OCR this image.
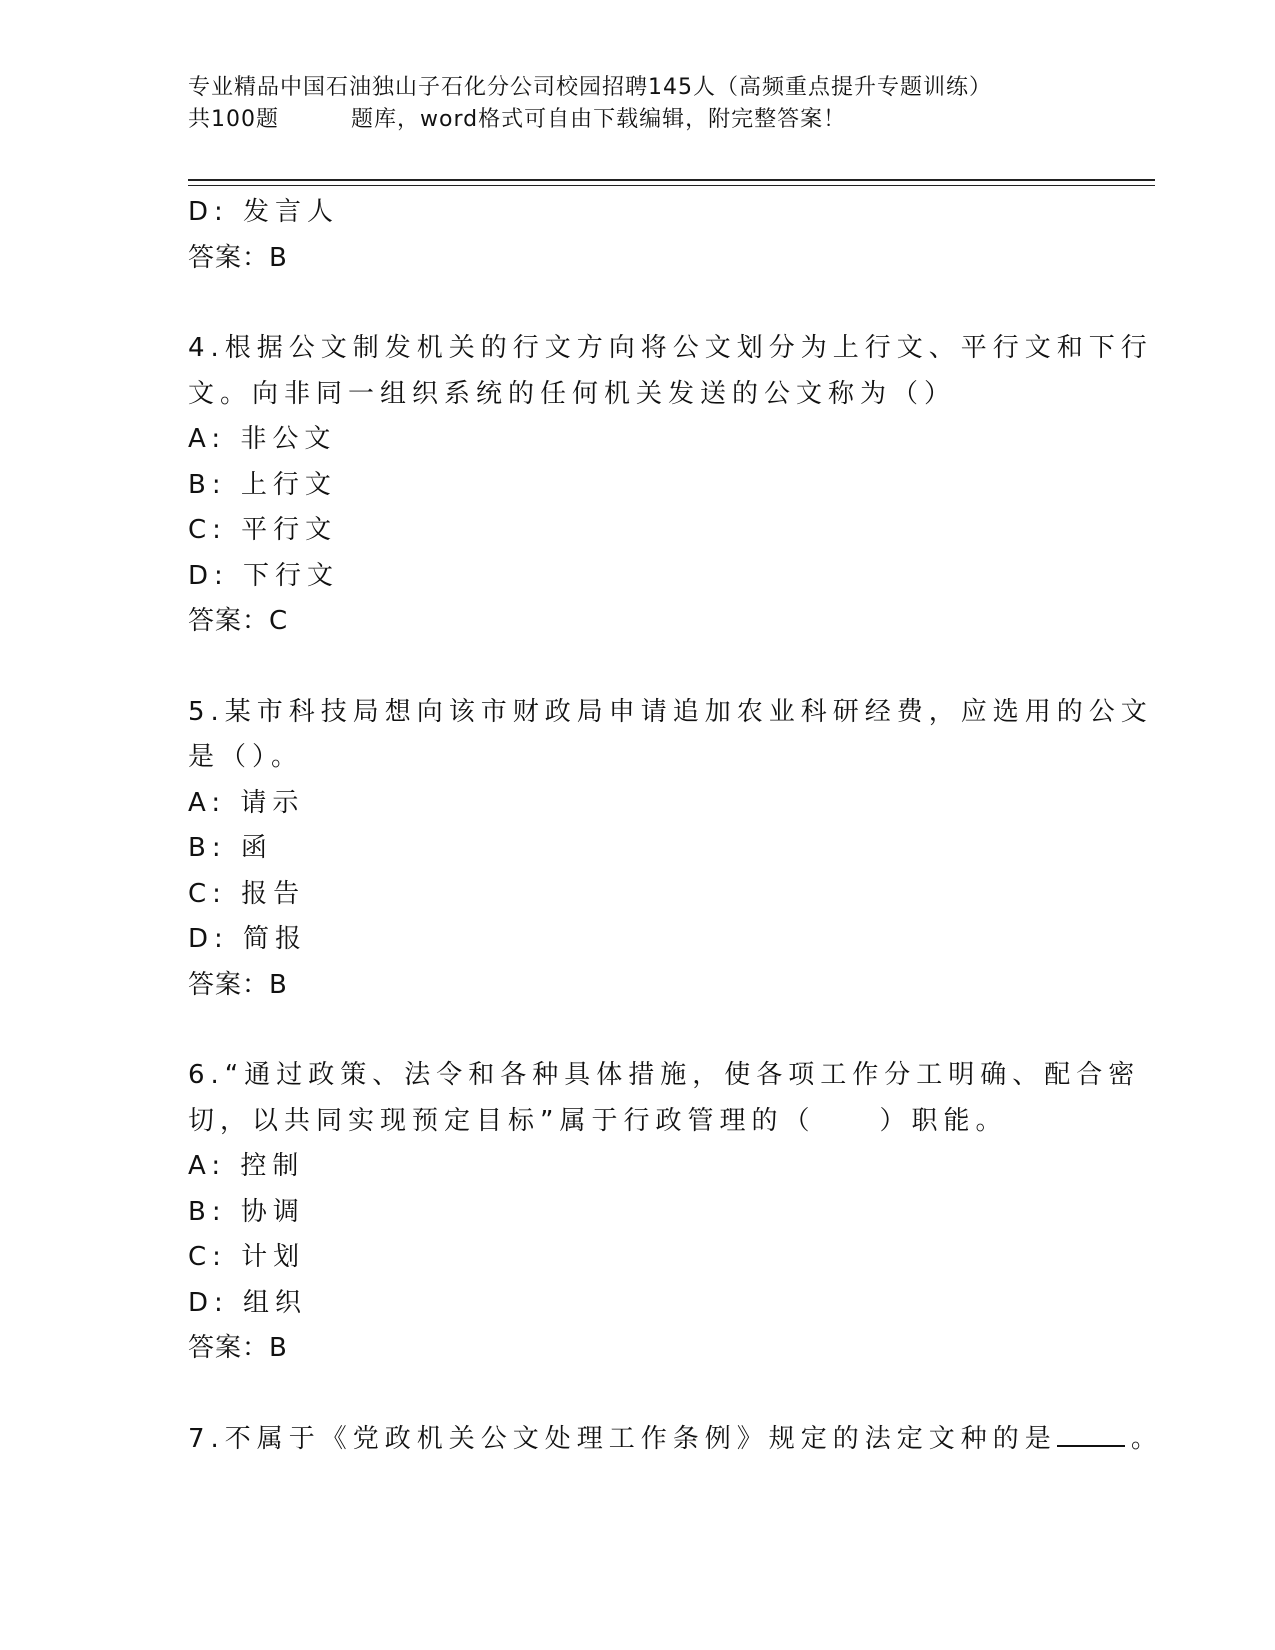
专业精品中国石油独山子石化分公司校园招聘145人（高频重点提升专题训练）
共100题	题库，word格式可自由下载编辑，附完整答案！
D: 发言人
答案：B
4.根据公文制发机关的行文方向将公文划分为上行文、平行文和下行
文。向非同一组织系统的任何机关发送的公文称为（）
A: 非公文
B: 上行文
C: 平行文
D: 下行文
答案：C
5.某市科技局想向该市财政局申请追加农业科研经费，应选用的公文
是（）。
A: 请示
B: 函
C: 报告
D: 简报
答案：B
6.“通过政策、法令和各种具体措施，使各项工作分工明确、配合密
切，以共同实现预定目标”属于行政管理的（　　）职能。
A: 控制
B: 协调
C: 计划
D: 组织
答案：B
7.不属于《党政机关公文处理工作条例》规定的法定文种的是	。
